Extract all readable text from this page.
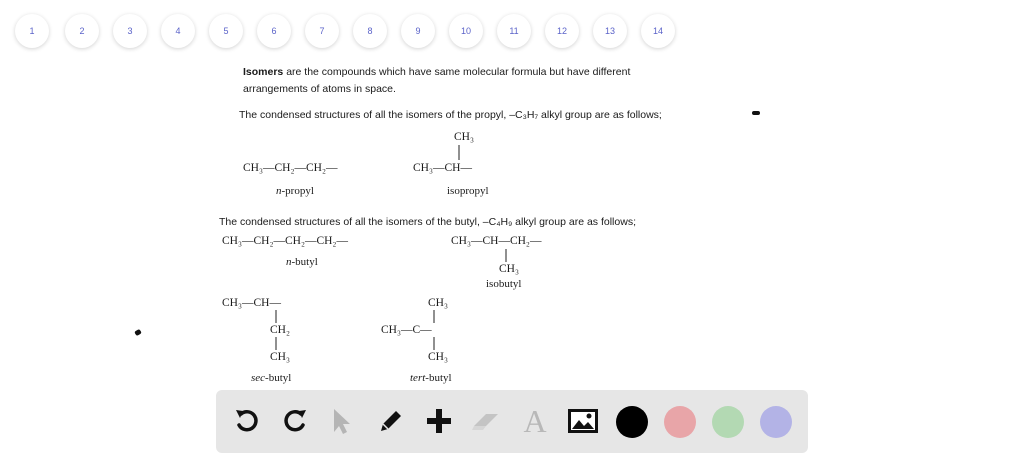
1	2	3	4	5	6	7	8	9	10	11	12	13	14
Isomers are the compounds which have same molecular formula but have different
arrangements of atoms in space.
The condensed structures of all the isomers of the propyl, –C₃H₇ alkyl group are as follows;
CH₃—CH₂—CH₂—
n-propyl
CH₃
CH₃—CH—
isopropyl
The condensed structures of all the isomers of the butyl, –C₄H₉ alkyl group are as follows;
CH₃—CH₂—CH₂—CH₂—
n-butyl
CH₃—CH—CH₂—
CH₃
isobutyl
CH₃—CH—
CH₂
CH₃
sec-butyl
CH₃
CH₃—C—
CH₃
tert-butyl
A
